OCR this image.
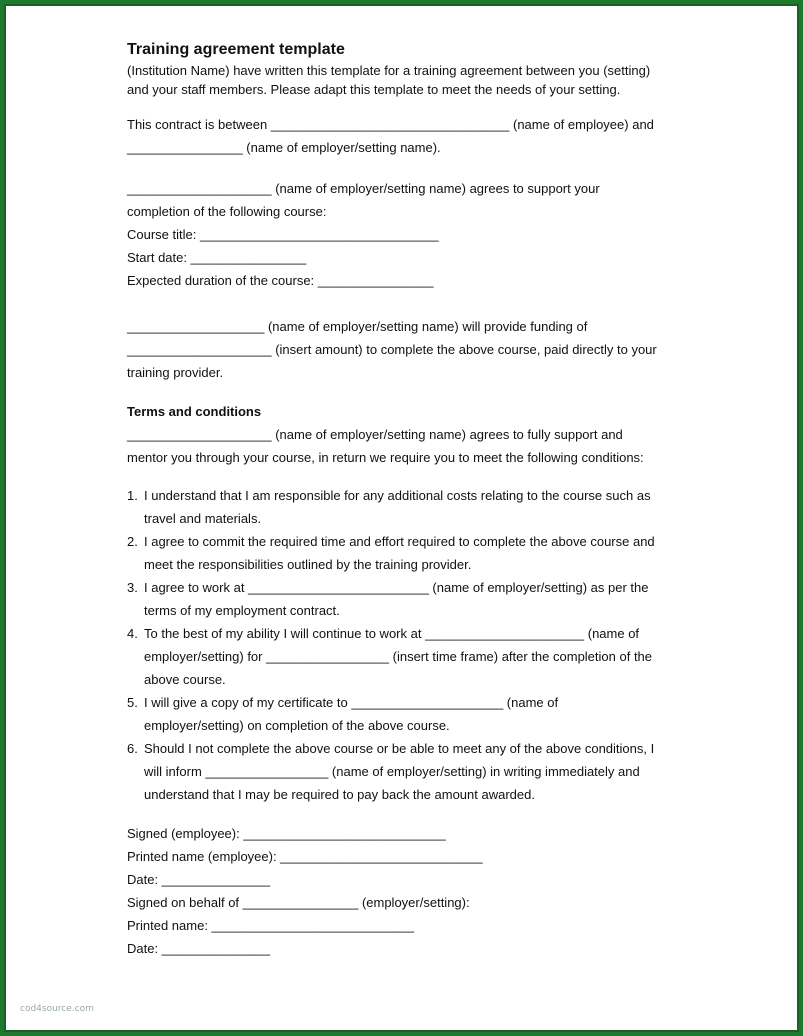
Training agreement template
(Institution Name) have written this template for a training agreement between you (setting)
and your staff members. Please adapt this template to meet the needs of your setting.
This contract is between _________________________________ (name of employee) and
________________ (name of employer/setting name).
____________________ (name of employer/setting name) agrees to support your
completion of the following course:
Course title: _________________________________
Start date: ________________
Expected duration of the course: ________________
___________________ (name of employer/setting name) will provide funding of
____________________ (insert amount) to complete the above course, paid directly to your
training provider.
Terms and conditions
____________________ (name of employer/setting name) agrees to fully support and
mentor you through your course, in return we require you to meet the following conditions:
1. I understand that I am responsible for any additional costs relating to the course such as
travel and materials.
2. I agree to commit the required time and effort required to complete the above course and
meet the responsibilities outlined by the training provider.
3. I agree to work at _________________________ (name of employer/setting) as per the
terms of my employment contract.
4. To the best of my ability I will continue to work at ______________________ (name of
employer/setting) for _________________ (insert time frame) after the completion of the
above course.
5. I will give a copy of my certificate to _____________________ (name of
employer/setting) on completion of the above course.
6. Should I not complete the above course or be able to meet any of the above conditions, I
will inform _________________ (name of employer/setting) in writing immediately and
understand that I may be required to pay back the amount awarded.
Signed (employee): ____________________________
Printed name (employee): ____________________________
Date: _______________
Signed on behalf of ________________ (employer/setting):
Printed name: ____________________________
Date: _______________
cod4source.com
